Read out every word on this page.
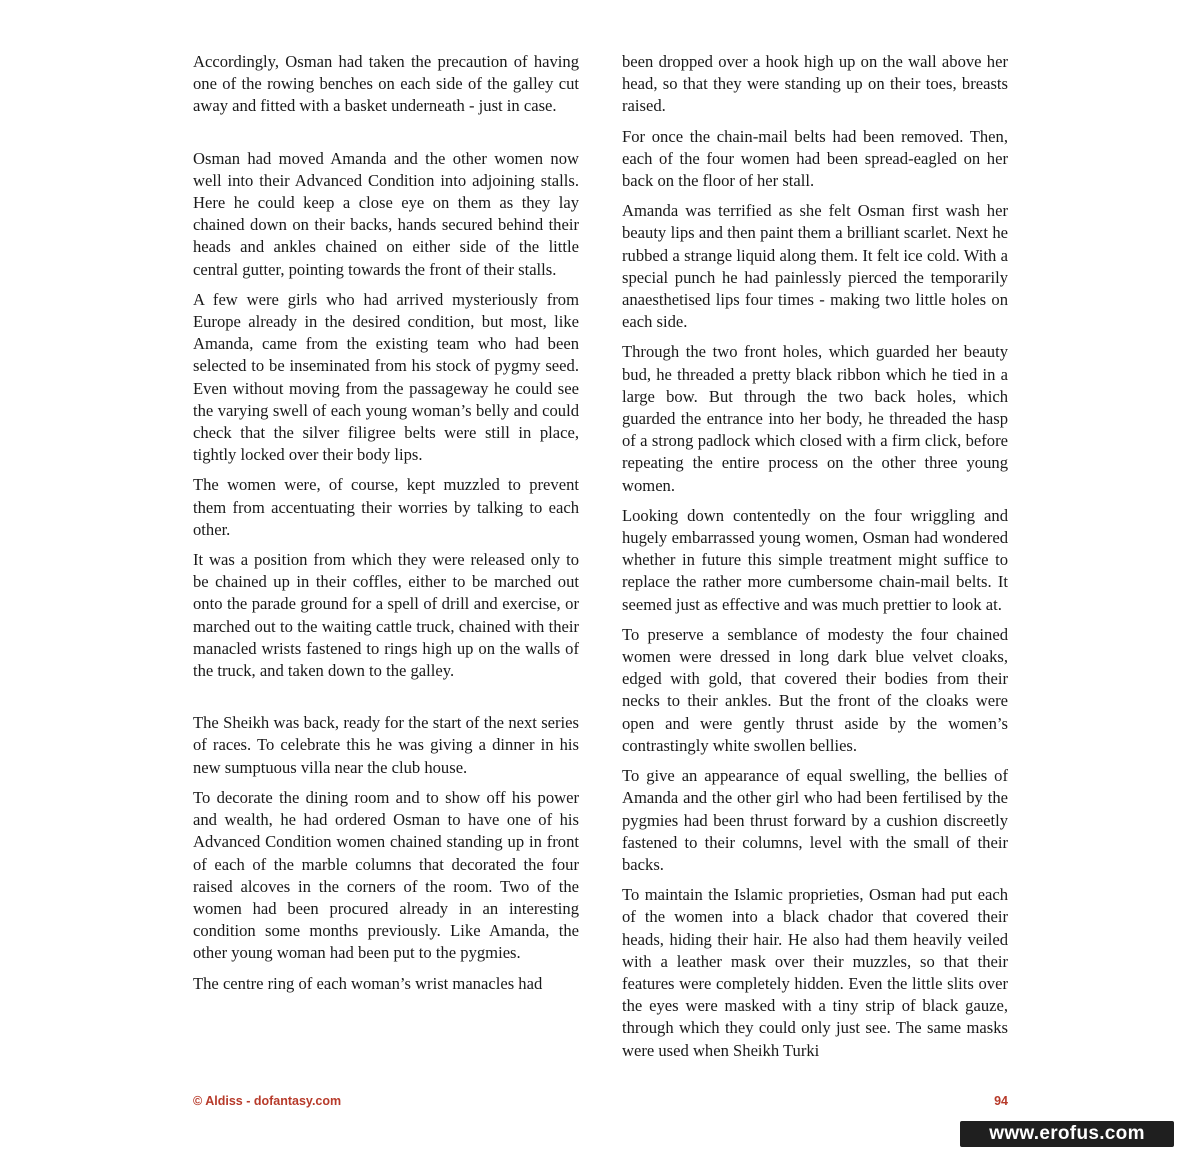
Accordingly, Osman had taken the precaution of having one of the rowing benches on each side of the galley cut away and fitted with a basket underneath - just in case.

Osman had moved Amanda and the other women now well into their Advanced Condition into adjoining stalls. Here he could keep a close eye on them as they lay chained down on their backs, hands secured behind their heads and ankles chained on either side of the little central gutter, pointing towards the front of their stalls.

A few were girls who had arrived mysteriously from Europe already in the desired condition, but most, like Amanda, came from the existing team who had been selected to be inseminated from his stock of pygmy seed. Even without moving from the passageway he could see the varying swell of each young woman’s belly and could check that the silver filigree belts were still in place, tightly locked over their body lips.

The women were, of course, kept muzzled to prevent them from accentuating their worries by talking to each other.

It was a position from which they were released only to be chained up in their coffles, either to be marched out onto the parade ground for a spell of drill and exercise, or marched out to the waiting cattle truck, chained with their manacled wrists fastened to rings high up on the walls of the truck, and taken down to the galley.

The Sheikh was back, ready for the start of the next series of races. To celebrate this he was giving a dinner in his new sumptuous villa near the club house.

To decorate the dining room and to show off his power and wealth, he had ordered Osman to have one of his Advanced Condition women chained standing up in front of each of the marble columns that decorated the four raised alcoves in the corners of the room. Two of the women had been procured already in an interesting condition some months previously. Like Amanda, the other young woman had been put to the pygmies.

The centre ring of each woman’s wrist manacles had

been dropped over a hook high up on the wall above her head, so that they were standing up on their toes, breasts raised.

For once the chain-mail belts had been removed. Then, each of the four women had been spread-eagled on her back on the floor of her stall.

Amanda was terrified as she felt Osman first wash her beauty lips and then paint them a brilliant scarlet. Next he rubbed a strange liquid along them. It felt ice cold. With a special punch he had painlessly pierced the temporarily anaesthetised lips four times - making two little holes on each side.

Through the two front holes, which guarded her beauty bud, he threaded a pretty black ribbon which he tied in a large bow. But through the two back holes, which guarded the entrance into her body, he threaded the hasp of a strong padlock which closed with a firm click, before repeating the entire process on the other three young women.

Looking down contentedly on the four wriggling and hugely embarrassed young women, Osman had wondered whether in future this simple treatment might suffice to replace the rather more cumbersome chain-mail belts. It seemed just as effective and was much prettier to look at.

To preserve a semblance of modesty the four chained women were dressed in long dark blue velvet cloaks, edged with gold, that covered their bodies from their necks to their ankles. But the front of the cloaks were open and were gently thrust aside by the women’s contrastingly white swollen bellies.

To give an appearance of equal swelling, the bellies of Amanda and the other girl who had been fertilised by the pygmies had been thrust forward by a cushion discreetly fastened to their columns, level with the small of their backs.

To maintain the Islamic proprieties, Osman had put each of the women into a black chador that covered their heads, hiding their hair. He also had them heavily veiled with a leather mask over their muzzles, so that their features were completely hidden. Even the little slits over the eyes were masked with a tiny strip of black gauze, through which they could only just see. The same masks were used when Sheikh Turki

© Aldiss - dofantasy.com	94
www.erofus.com
